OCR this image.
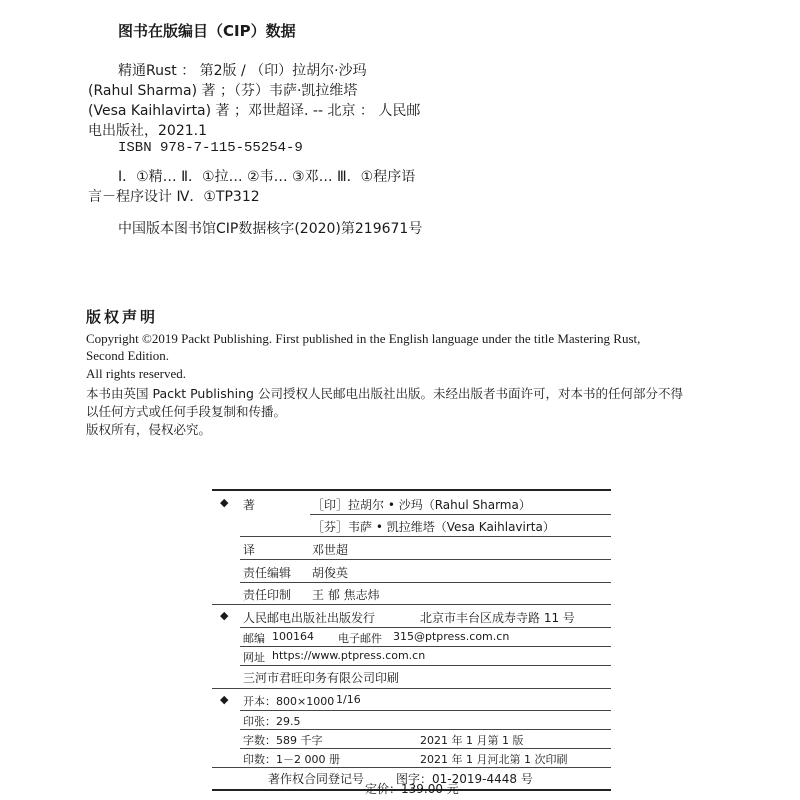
图书在版编目（CIP）数据
精通Rust ： 第2版 / （印）拉胡尔·沙玛
(Rahul Sharma) 著 ；（芬）韦萨·凯拉维塔
(Vesa Kaihlavirta) 著 ；邓世超译. -- 北京 ： 人民邮
电出版社，2021.1
ISBN 978-7-115-55254-9
Ⅰ．①精… Ⅱ．①拉… ②韦… ③邓… Ⅲ．①程序语
言－程序设计 Ⅳ．①TP312
中国版本图书馆CIP数据核字(2020)第219671号
版权声明
Copyright ©2019 Packt Publishing. First published in the English language under the title Mastering Rust,
Second Edition.
All rights reserved.
本书由英国 Packt Publishing 公司授权人民邮电出版社出版。未经出版者书面许可，对本书的任何部分不得
以任何方式或任何手段复制和传播。
版权所有，侵权必究。
◆ 著	［印］拉胡尔 • 沙玛（Rahul Sharma）
［芬］韦萨 • 凯拉维塔（Vesa Kaihlavirta）
译	邓世超
责任编辑 胡俊英
责任印制 王 郁 焦志炜
◆ 人民邮电出版社出版发行	北京市丰台区成寿寺路 11 号
邮编 100164 电子邮件 315@ptpress.com.cn
网址 https://www.ptpress.com.cn
三河市君旺印务有限公司印刷
◆ 开本：800×1000 1/16
印张：29.5
字数：589 千字	2021 年 1 月第 1 版
印数：1－2 000 册	2021 年 1 月河北第 1 次印刷
著作权合同登记号	图字：01-2019-4448 号
定价：139.00 元
